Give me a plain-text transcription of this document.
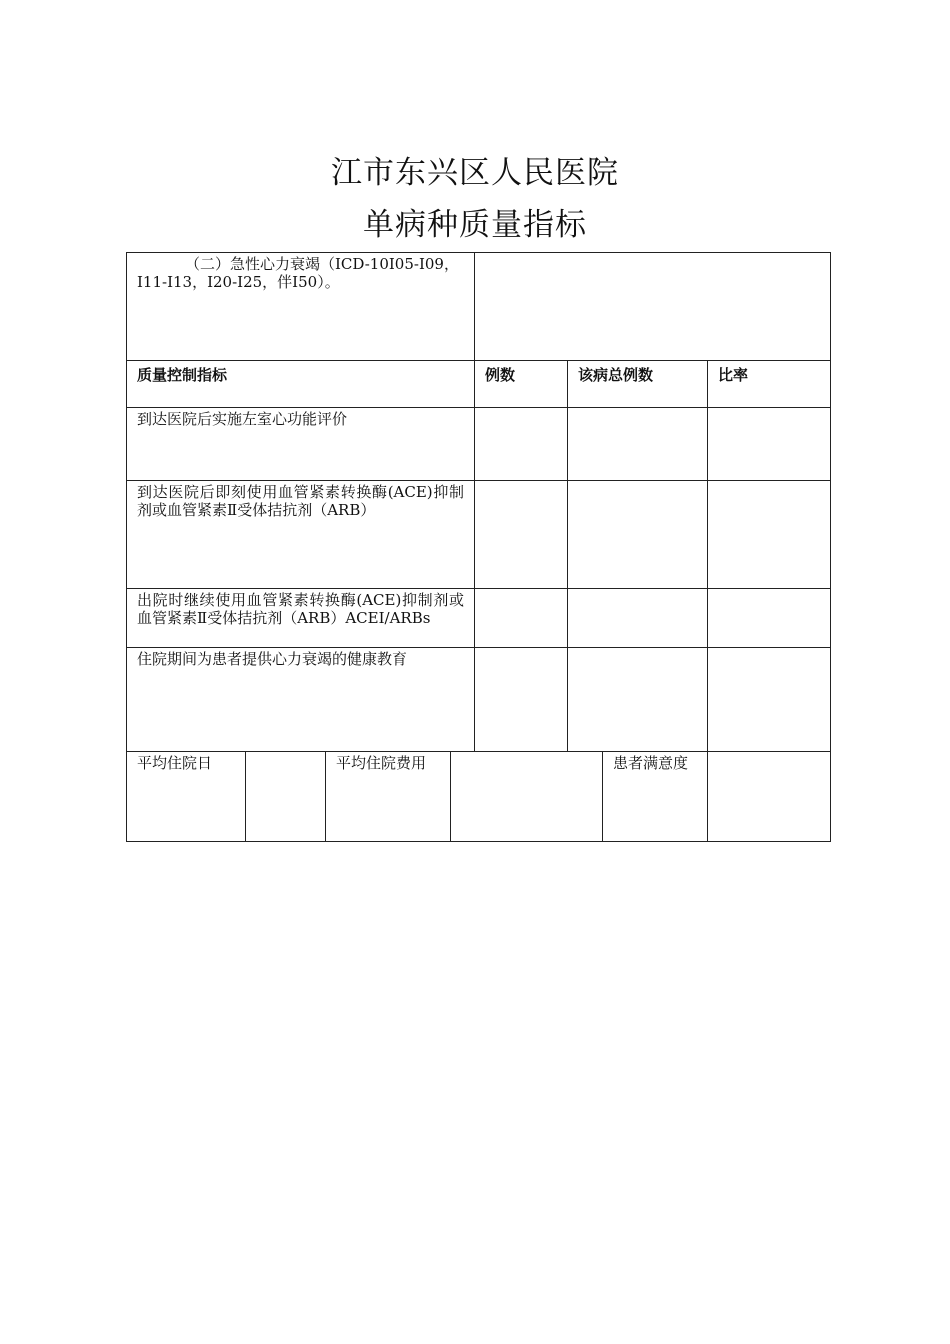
江市东兴区人民医院
单病种质量指标
（二）急性心力衰竭（ICD-10I05-I09，I11-I13，I20-I25，伴I50）。
质量控制指标	例数	该病总例数	比率
到达医院后实施左室心功能评价
到达医院后即刻使用血管紧素转换酶(ACE)抑制剂或血管紧素Ⅱ受体拮抗剂（ARB）
出院时继续使用血管紧素转换酶(ACE)抑制剂或血管紧素Ⅱ受体拮抗剂（ARB）ACEI/ARBs
住院期间为患者提供心力衰竭的健康教育
平均住院日	平均住院费用	患者满意度
